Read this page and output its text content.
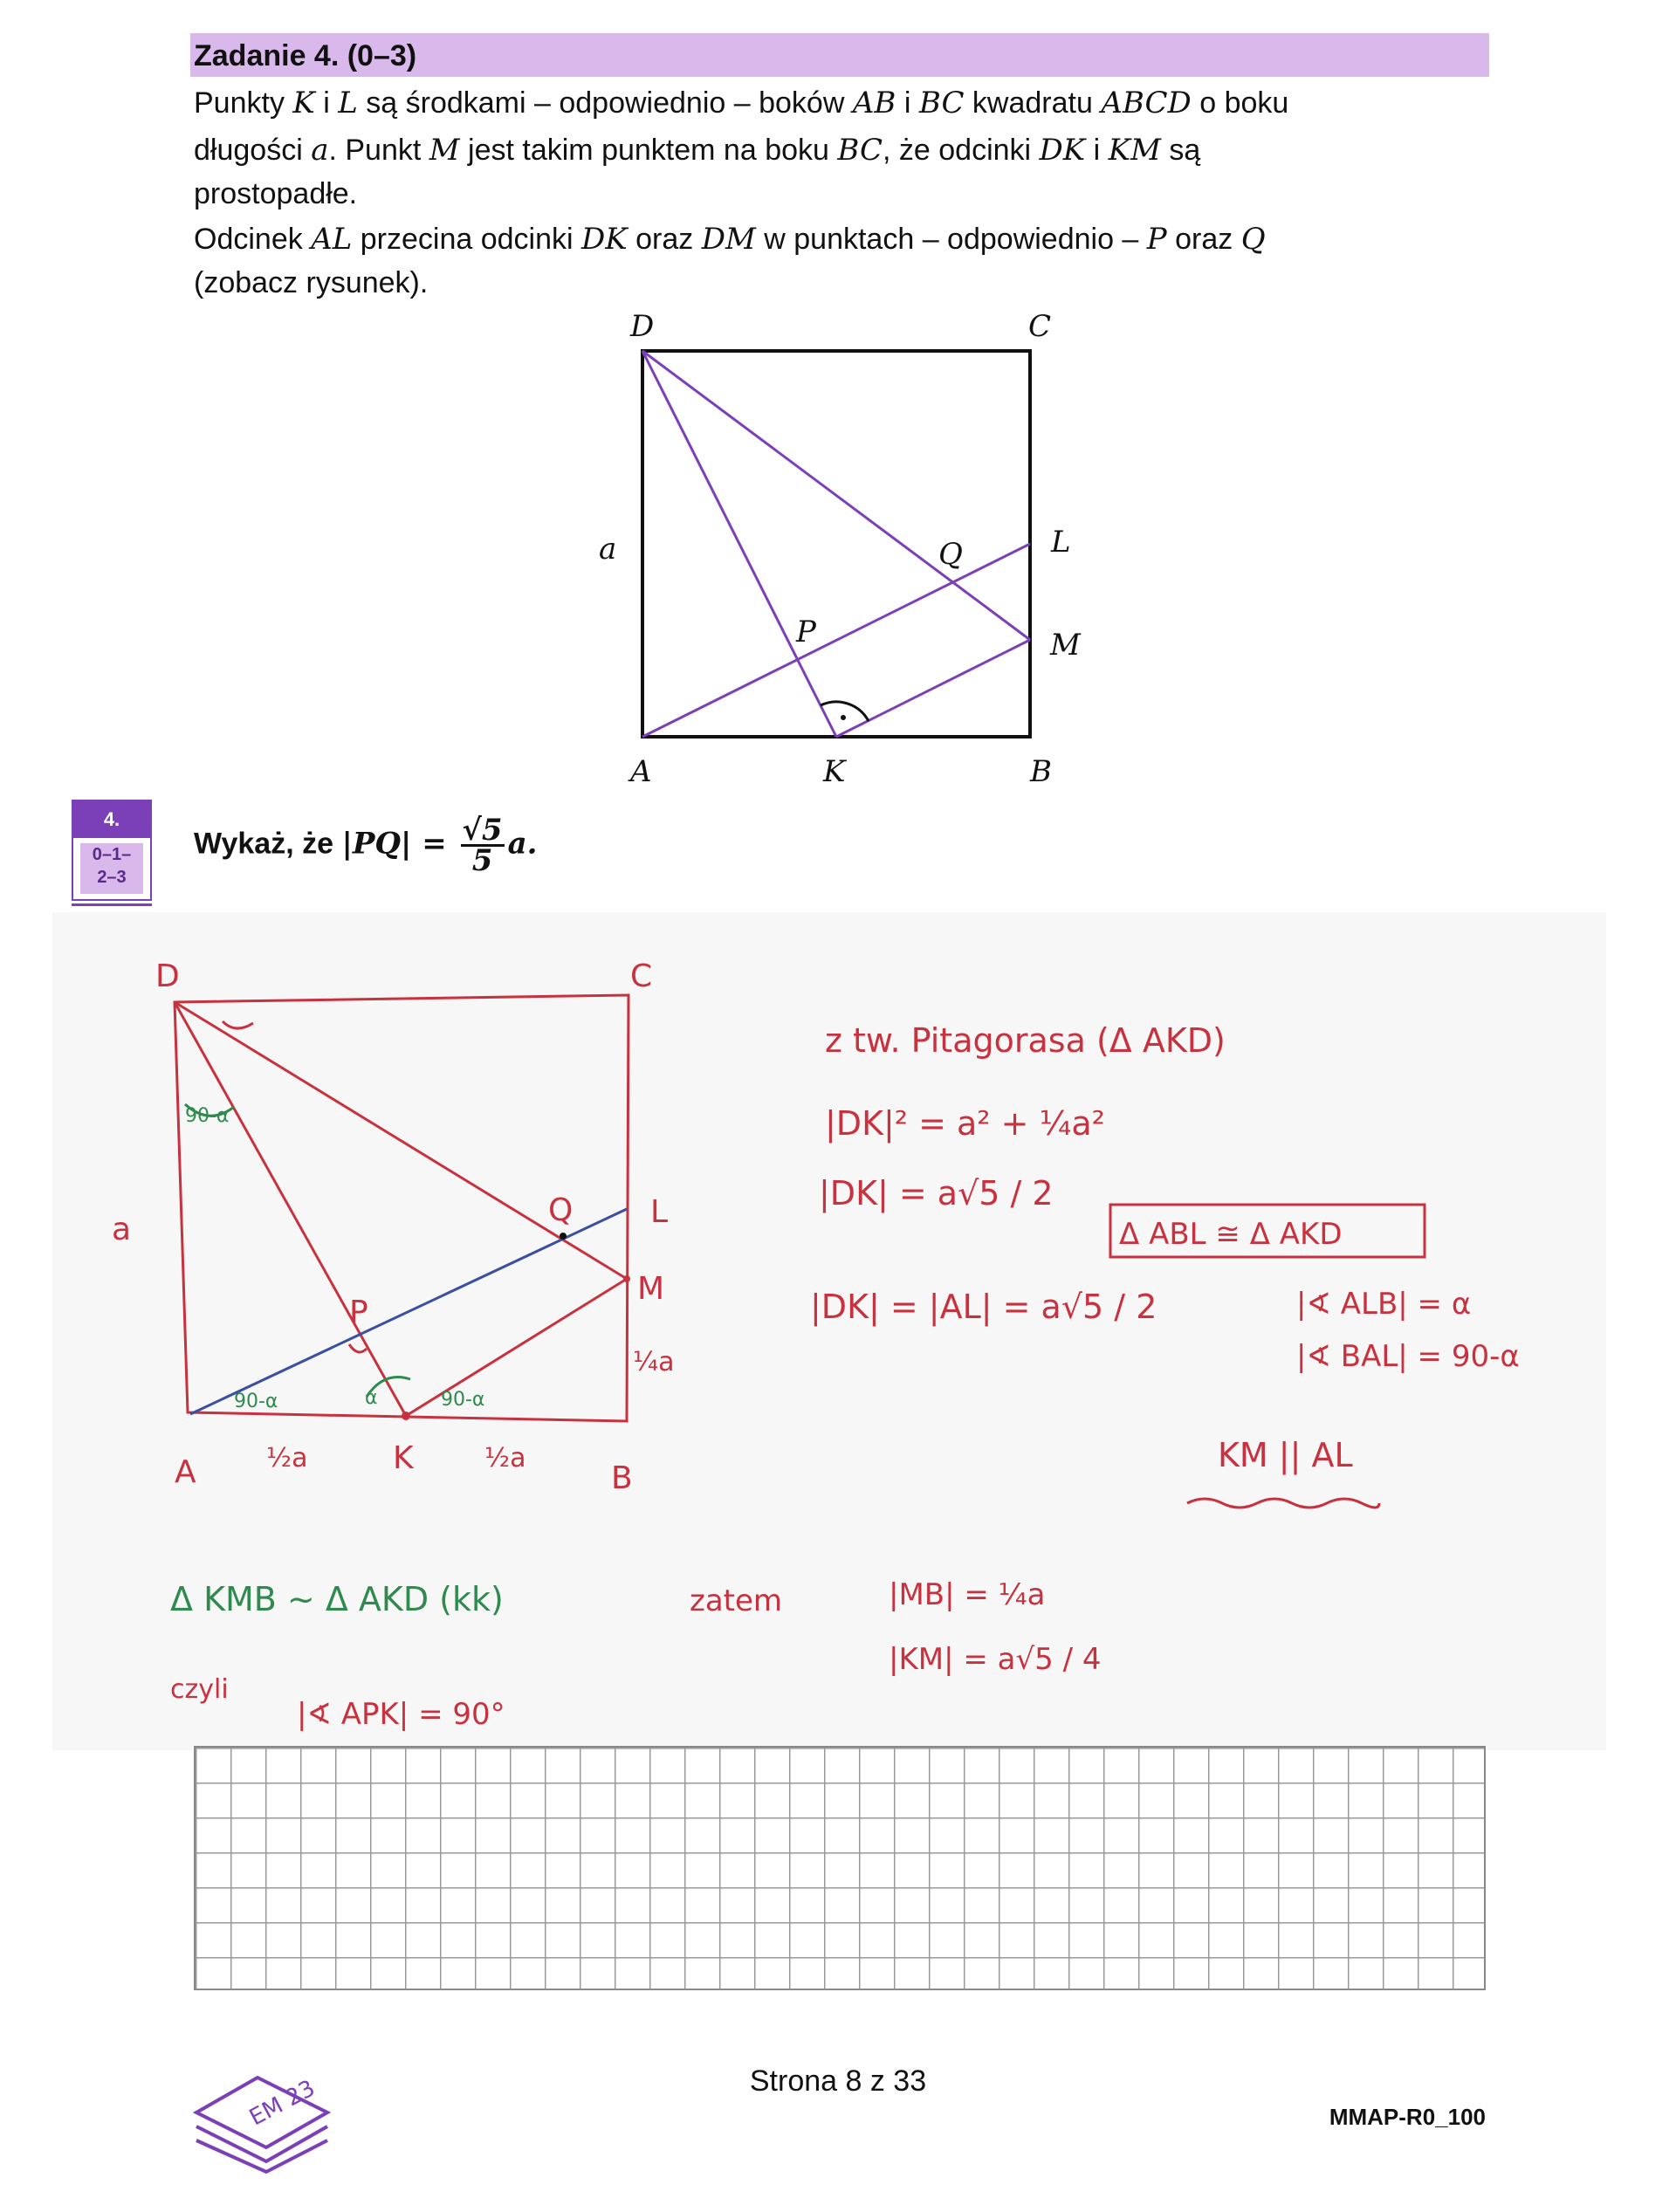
Zadanie 4. (0–3)
Punkty K i L są środkami – odpowiednio – boków AB i BC kwadratu ABCD o boku
długości a. Punkt M jest takim punktem na boku BC, że odcinki DK i KM są
prostopadłe.
Odcinek AL przecina odcinki DK oraz DM w punktach – odpowiednio – P oraz Q
(zobacz rysunek).
D	C
A	B
K
L
M
P
Q
a
4.
0–1–
2–3
Wykaż, że $|PQ| = \frac{√5}{5} a$.
D	C
A	B
K
L
M
P
Q
a
½a	½a
¼a
90-α
90-α	90-α
α
z tw. Pitagorasa (Δ AKD)
|DK|² = a² + ¼a²
|DK| = a√5 / 2
|DK| = |AL| = a√5 / 2	|∢ ALB| = α
|∢ BAL| = 90-α
KM || AL
zatem	|MB| = ¼a
|KM| = a√5 / 4
czyli
|∢ APK| = 90°
Δ ABL ≅ Δ AKD
Δ KMB ~ Δ AKD (kk)
EM 23	Strona 8 z 33
MMAP-R0_100
